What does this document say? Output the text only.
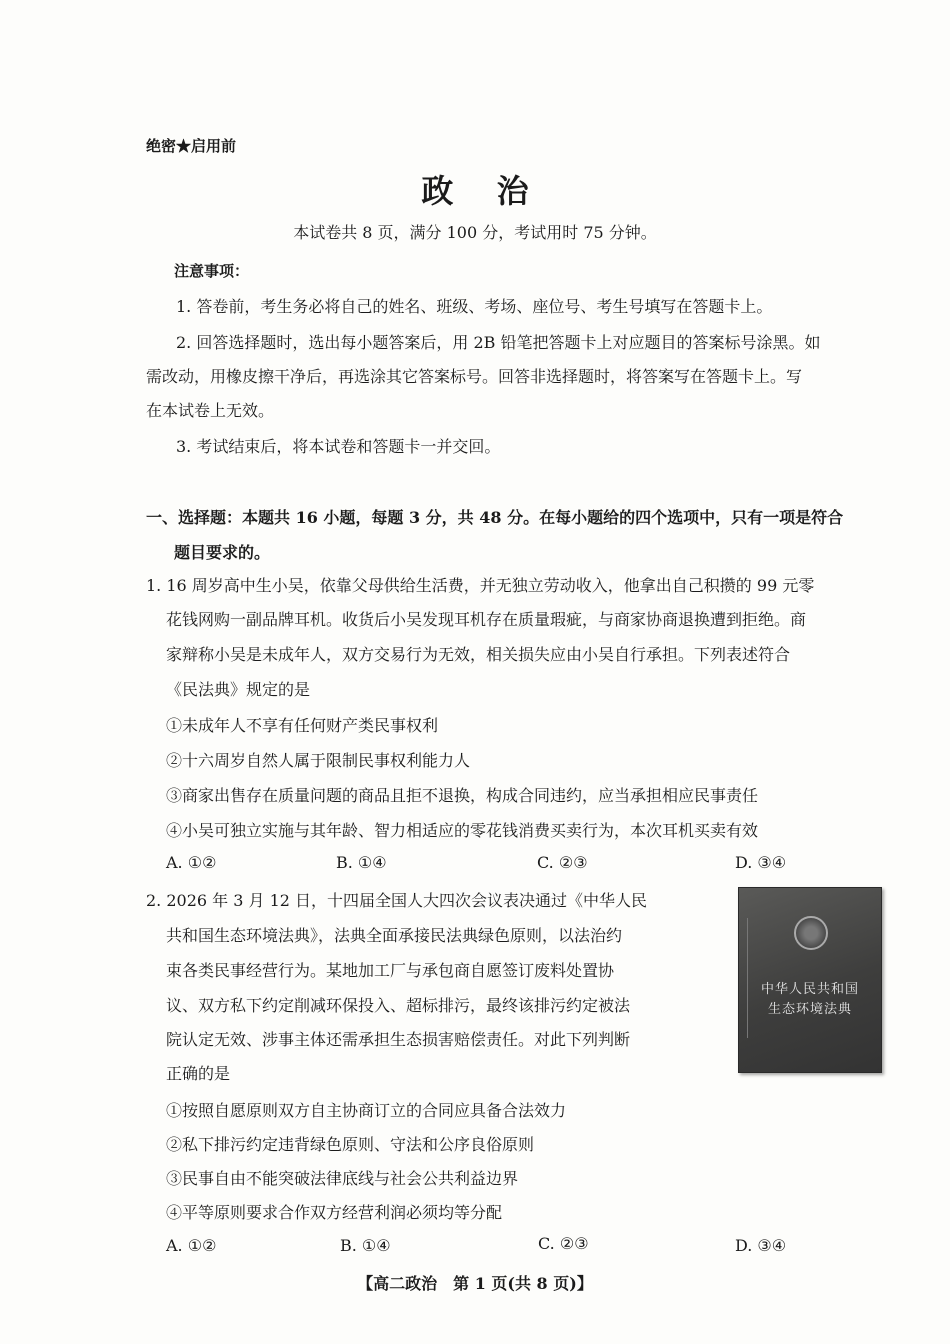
绝密★启用前
政 治
本试卷共 8 页，满分 100 分，考试用时 75 分钟。
注意事项：
1. 答卷前，考生务必将自己的姓名、班级、考场、座位号、考生号填写在答题卡上。
2. 回答选择题时，选出每小题答案后，用 2B 铅笔把答题卡上对应题目的答案标号涂黑。如
需改动，用橡皮擦干净后，再选涂其它答案标号。回答非选择题时，将答案写在答题卡上。写
在本试卷上无效。
3. 考试结束后，将本试卷和答题卡一并交回。
一、选择题：本题共 16 小题，每题 3 分，共 48 分。在每小题给的四个选项中，只有一项是符合
题目要求的。
1. 16 周岁高中生小吴，依靠父母供给生活费，并无独立劳动收入，他拿出自己积攒的 99 元零
花钱网购一副品牌耳机。收货后小吴发现耳机存在质量瑕疵，与商家协商退换遭到拒绝。商
家辩称小吴是未成年人，双方交易行为无效，相关损失应由小吴自行承担。下列表述符合
《民法典》规定的是
①未成年人不享有任何财产类民事权利
②十六周岁自然人属于限制民事权利能力人
③商家出售存在质量问题的商品且拒不退换，构成合同违约，应当承担相应民事责任
④小吴可独立实施与其年龄、智力相适应的零花钱消费买卖行为，本次耳机买卖有效
A. ①②	B. ①④	C. ②③	D. ③④
2. 2026 年 3 月 12 日，十四届全国人大四次会议表决通过《中华人民
共和国生态环境法典》，法典全面承接民法典绿色原则，以法治约
束各类民事经营行为。某地加工厂与承包商自愿签订废料处置协
议、双方私下约定削减环保投入、超标排污，最终该排污约定被法
院认定无效、涉事主体还需承担生态损害赔偿责任。对此下列判断
正确的是
中华人民共和国
生态环境法典
①按照自愿原则双方自主协商订立的合同应具备合法效力
②私下排污约定违背绿色原则、守法和公序良俗原则
③民事自由不能突破法律底线与社会公共利益边界
④平等原则要求合作双方经营利润必须均等分配
A. ①②	B. ①④	C. ②③	D. ③④
【高二政治　第 1 页(共 8 页)】
